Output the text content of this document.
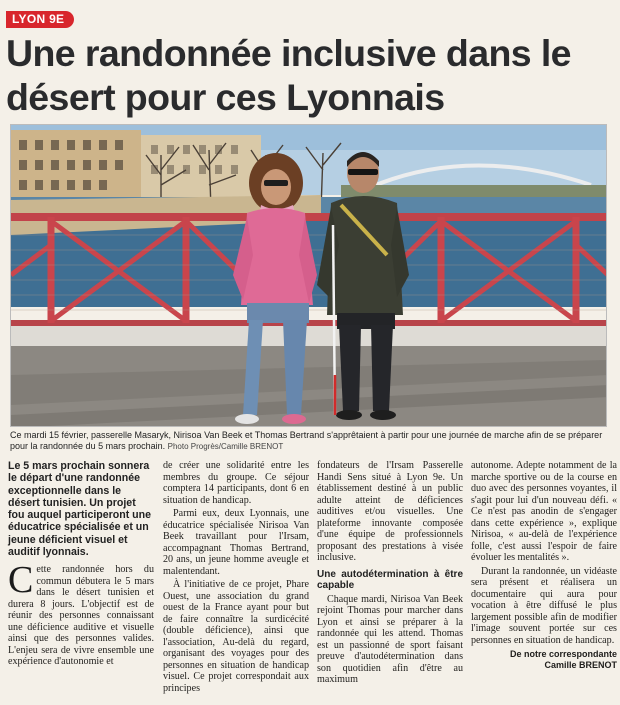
LYON 9E
Une randonnée inclusive dans le désert pour ces Lyonnais
Ce mardi 15 février, passerelle Masaryk, Nirisoa Van Beek et Thomas Bertrand s'apprêtaient à partir pour une journée de marche afin de se préparer pour la randonnée du 5 mars prochain. Photo Progrès/Camille BRENOT
Le 5 mars prochain sonnera le départ d'une randonnée exceptionnelle dans le désert tunisien. Un projet fou auquel participeront une éducatrice spécialisée et un jeune déficient visuel et auditif lyonnais.

Cette randonnée hors du commun débutera le 5 mars dans le désert tunisien et durera 8 jours. L'objectif est de réunir des personnes connaissant une déficience auditive et visuelle ainsi que des personnes valides. L'enjeu sera de vivre ensemble une expérience d'autonomie et

de créer une solidarité entre les membres du groupe. Ce séjour comptera 14 participants, dont 6 en situation de handicap.

Parmi eux, deux Lyonnais, une éducatrice spécialisée Nirisoa Van Beek travaillant pour l'Irsam, accompagnant Thomas Bertrand, 20 ans, un jeune homme aveugle et malentendant.

À l'initiative de ce projet, Phare Ouest, une association du grand ouest de la France ayant pour but de faire connaître la surdicécité (double déficience), ainsi que l'association, Au-delà du regard, organisant des voyages pour des personnes en situation de handicap visuel. Ce projet correspondait aux principes

fondateurs de l'Irsam Passerelle Handi Sens situé à Lyon 9e. Un établissement destiné à un public adulte atteint de déficiences auditives et/ou visuelles. Une plateforme innovante composée d'une équipe de professionnels proposant des prestations à visée inclusive.

Une autodétermination à être capable

Chaque mardi, Nirisoa Van Beek rejoint Thomas pour marcher dans Lyon et ainsi se préparer à la randonnée qui les attend. Thomas est un passionné de sport faisant preuve d'autodétermination dans son quotidien afin d'être au maximum

autonome. Adepte notamment de la marche sportive ou de la course en duo avec des personnes voyantes, il s'agit pour lui d'un nouveau défi. « Ce n'est pas anodin de s'engager dans cette expérience », explique Nirisoa, « au-delà de l'expérience folle, c'est aussi l'espoir de faire évoluer les mentalités ».

Durant la randonnée, un vidéaste sera présent et réalisera un documentaire qui aura pour vocation à être diffusé le plus largement possible afin de modifier l'image souvent portée sur ces personnes en situation de handicap.

De notre correspondante
Camille BRENOT
